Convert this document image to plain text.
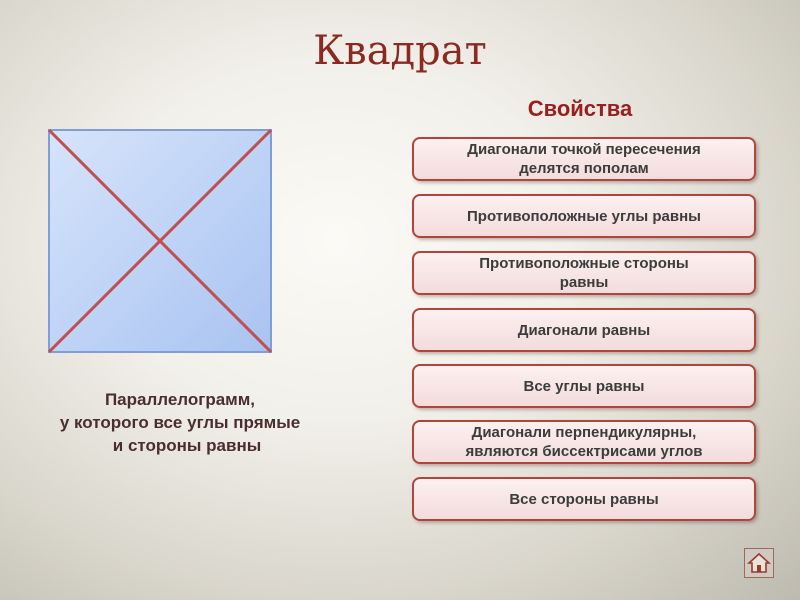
Квадрат
Свойства
Параллелограмм,
у которого все углы прямые
и стороны равны
Диагонали точкой пересечения
делятся пополам
Противоположные углы равны
Противоположные стороны
равны
Диагонали равны
Все углы равны
Диагонали перпендикулярны,
являются биссектрисами углов
Все стороны равны
